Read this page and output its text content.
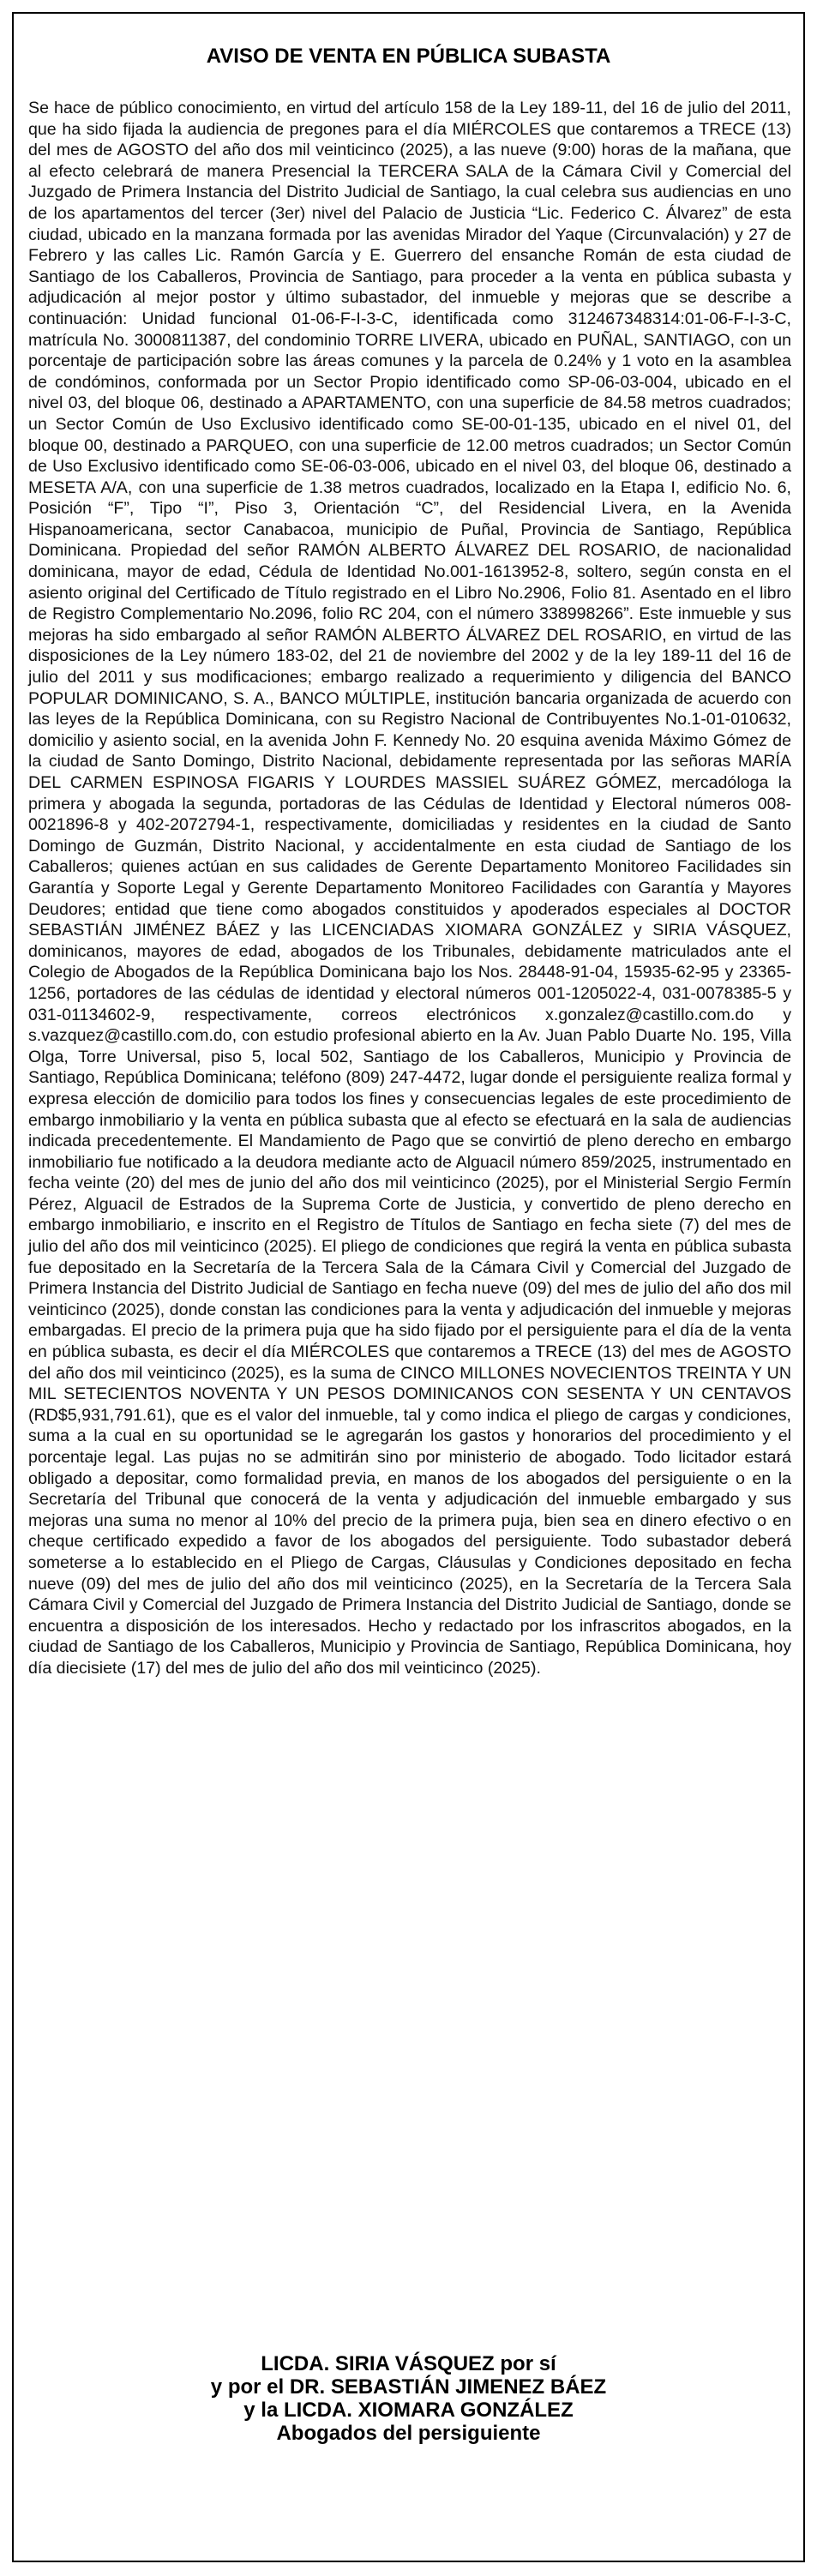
AVISO DE VENTA EN PÚBLICA SUBASTA

Se hace de público conocimiento, en virtud del artículo 158 de la Ley 189-11, del 16 de julio del 2011, que ha sido fijada la audiencia de pregones para el día MIÉRCOLES que contaremos a TRECE (13) del mes de AGOSTO del año dos mil veinticinco (2025), a las nueve (9:00) horas de la mañana, que al efecto celebrará de manera Presencial la TERCERA SALA de la Cámara Civil y Comercial del Juzgado de Primera Instancia del Distrito Judicial de Santiago, la cual celebra sus audiencias en uno de los apartamentos del tercer (3er) nivel del Palacio de Justicia “Lic. Federico C. Álvarez” de esta ciudad, ubicado en la manzana formada por las avenidas Mirador del Yaque (Circunvalación) y 27 de Febrero y las calles Lic. Ramón García y E. Guerrero del ensanche Román de esta ciudad de Santiago de los Caballeros, Provincia de Santiago, para proceder a la venta en pública subasta y adjudicación al mejor postor y último subastador, del inmueble y mejoras que se describe a continuación: Unidad funcional 01-06-F-I-3-C, identificada como 312467348314:01-06-F-I-3-C, matrícula No. 3000811387, del condominio TORRE LIVERA, ubicado en PUÑAL, SANTIAGO, con un porcentaje de participación sobre las áreas comunes y la parcela de 0.24% y 1 voto en la asamblea de condóminos, conformada por un Sector Propio identificado como SP-06-03-004, ubicado en el nivel 03, del bloque 06, destinado a APARTAMENTO, con una superficie de 84.58 metros cuadrados; un Sector Común de Uso Exclusivo identificado como SE-00-01-135, ubicado en el nivel 01, del bloque 00, destinado a PARQUEO, con una superficie de 12.00 metros cuadrados; un Sector Común de Uso Exclusivo identificado como SE-06-03-006, ubicado en el nivel 03, del bloque 06, destinado a MESETA A/A, con una superficie de 1.38 metros cuadrados, localizado en la Etapa I, edificio No. 6, Posición “F”, Tipo “I”, Piso 3, Orientación “C”, del Residencial Livera, en la Avenida Hispanoamericana, sector Canabacoa, municipio de Puñal, Provincia de Santiago, República Dominicana. Propiedad del señor RAMÓN ALBERTO ÁLVAREZ DEL ROSARIO, de nacionalidad dominicana, mayor de edad, Cédula de Identidad No.001-1613952-8, soltero, según consta en el asiento original del Certificado de Título registrado en el Libro No.2906, Folio 81. Asentado en el libro de Registro Complementario No.2096, folio RC 204, con el número 338998266”. Este inmueble y sus mejoras ha sido embargado al señor RAMÓN ALBERTO ÁLVAREZ DEL ROSARIO, en virtud de las disposiciones de la Ley número 183-02, del 21 de noviembre del 2002 y de la ley 189-11 del 16 de julio del 2011 y sus modificaciones; embargo realizado a requerimiento y diligencia del BANCO POPULAR DOMINICANO, S. A., BANCO MÚLTIPLE, institución bancaria organizada de acuerdo con las leyes de la República Dominicana, con su Registro Nacional de Contribuyentes No.1-01-010632, domicilio y asiento social, en la avenida John F. Kennedy No. 20 esquina avenida Máximo Gómez de la ciudad de Santo Domingo, Distrito Nacional, debidamente representada por las señoras MARÍA DEL CARMEN ESPINOSA FIGARIS Y LOURDES MASSIEL SUÁREZ GÓMEZ, mercadóloga la primera y abogada la segunda, portadoras de las Cédulas de Identidad y Electoral números 008-0021896-8 y 402-2072794-1, respectivamente, domiciliadas y residentes en la ciudad de Santo Domingo de Guzmán, Distrito Nacional, y accidentalmente en esta ciudad de Santiago de los Caballeros; quienes actúan en sus calidades de Gerente Departamento Monitoreo Facilidades sin Garantía y Soporte Legal y Gerente Departamento Monitoreo Facilidades con Garantía y Mayores Deudores; entidad que tiene como abogados constituidos y apoderados especiales al DOCTOR SEBASTIÁN JIMÉNEZ BÁEZ y las LICENCIADAS XIOMARA GONZÁLEZ y SIRIA VÁSQUEZ, dominicanos, mayores de edad, abogados de los Tribunales, debidamente matriculados ante el Colegio de Abogados de la República Dominicana bajo los Nos. 28448-91-04, 15935-62-95 y 23365-1256, portadores de las cédulas de identidad y electoral números 001-1205022-4, 031-0078385-5 y 031-01134602-9, respectivamente, correos electrónicos x.gonzalez@castillo.com.do y s.vazquez@castillo.com.do, con estudio profesional abierto en la Av. Juan Pablo Duarte No. 195, Villa Olga, Torre Universal, piso 5, local 502, Santiago de los Caballeros, Municipio y Provincia de Santiago, República Dominicana; teléfono (809) 247-4472, lugar donde el persiguiente realiza formal y expresa elección de domicilio para todos los fines y consecuencias legales de este procedimiento de embargo inmobiliario y la venta en pública subasta que al efecto se efectuará en la sala de audiencias indicada precedentemente. El Mandamiento de Pago que se convirtió de pleno derecho en embargo inmobiliario fue notificado a la deudora mediante acto de Alguacil número 859/2025, instrumentado en fecha veinte (20) del mes de junio del año dos mil veinticinco (2025), por el Ministerial Sergio Fermín Pérez, Alguacil de Estrados de la Suprema Corte de Justicia, y convertido de pleno derecho en embargo inmobiliario, e inscrito en el Registro de Títulos de Santiago en fecha siete (7) del mes de julio del año dos mil veinticinco (2025). El pliego de condiciones que regirá la venta en pública subasta fue depositado en la Secretaría de la Tercera Sala de la Cámara Civil y Comercial del Juzgado de Primera Instancia del Distrito Judicial de Santiago en fecha nueve (09) del mes de julio del año dos mil veinticinco (2025), donde constan las condiciones para la venta y adjudicación del inmueble y mejoras embargadas. El precio de la primera puja que ha sido fijado por el persiguiente para el día de la venta en pública subasta, es decir el día MIÉRCOLES que contaremos a TRECE (13) del mes de AGOSTO del año dos mil veinticinco (2025), es la suma de CINCO MILLONES NOVECIENTOS TREINTA Y UN MIL SETECIENTOS NOVENTA Y UN PESOS DOMINICANOS CON SESENTA Y UN CENTAVOS (RD$5,931,791.61), que es el valor del inmueble, tal y como indica el pliego de cargas y condiciones, suma a la cual en su oportunidad se le agregarán los gastos y honorarios del procedimiento y el porcentaje legal. Las pujas no se admitirán sino por ministerio de abogado. Todo licitador estará obligado a depositar, como formalidad previa, en manos de los abogados del persiguiente o en la Secretaría del Tribunal que conocerá de la venta y adjudicación del inmueble embargado y sus mejoras una suma no menor al 10% del precio de la primera puja, bien sea en dinero efectivo o en cheque certificado expedido a favor de los abogados del persiguiente. Todo subastador deberá someterse a lo establecido en el Pliego de Cargas, Cláusulas y Condiciones depositado en fecha nueve (09) del mes de julio del año dos mil veinticinco (2025), en la Secretaría de la Tercera Sala Cámara Civil y Comercial del Juzgado de Primera Instancia del Distrito Judicial de Santiago, donde se encuentra a disposición de los interesados. Hecho y redactado por los infrascritos abogados, en la ciudad de Santiago de los Caballeros, Municipio y Provincia de Santiago, República Dominicana, hoy día diecisiete (17) del mes de julio del año dos mil veinticinco (2025).

LICDA. SIRIA VÁSQUEZ por sí
y por el DR. SEBASTIÁN JIMENEZ BÁEZ
y la LICDA. XIOMARA GONZÁLEZ
Abogados del persiguiente
